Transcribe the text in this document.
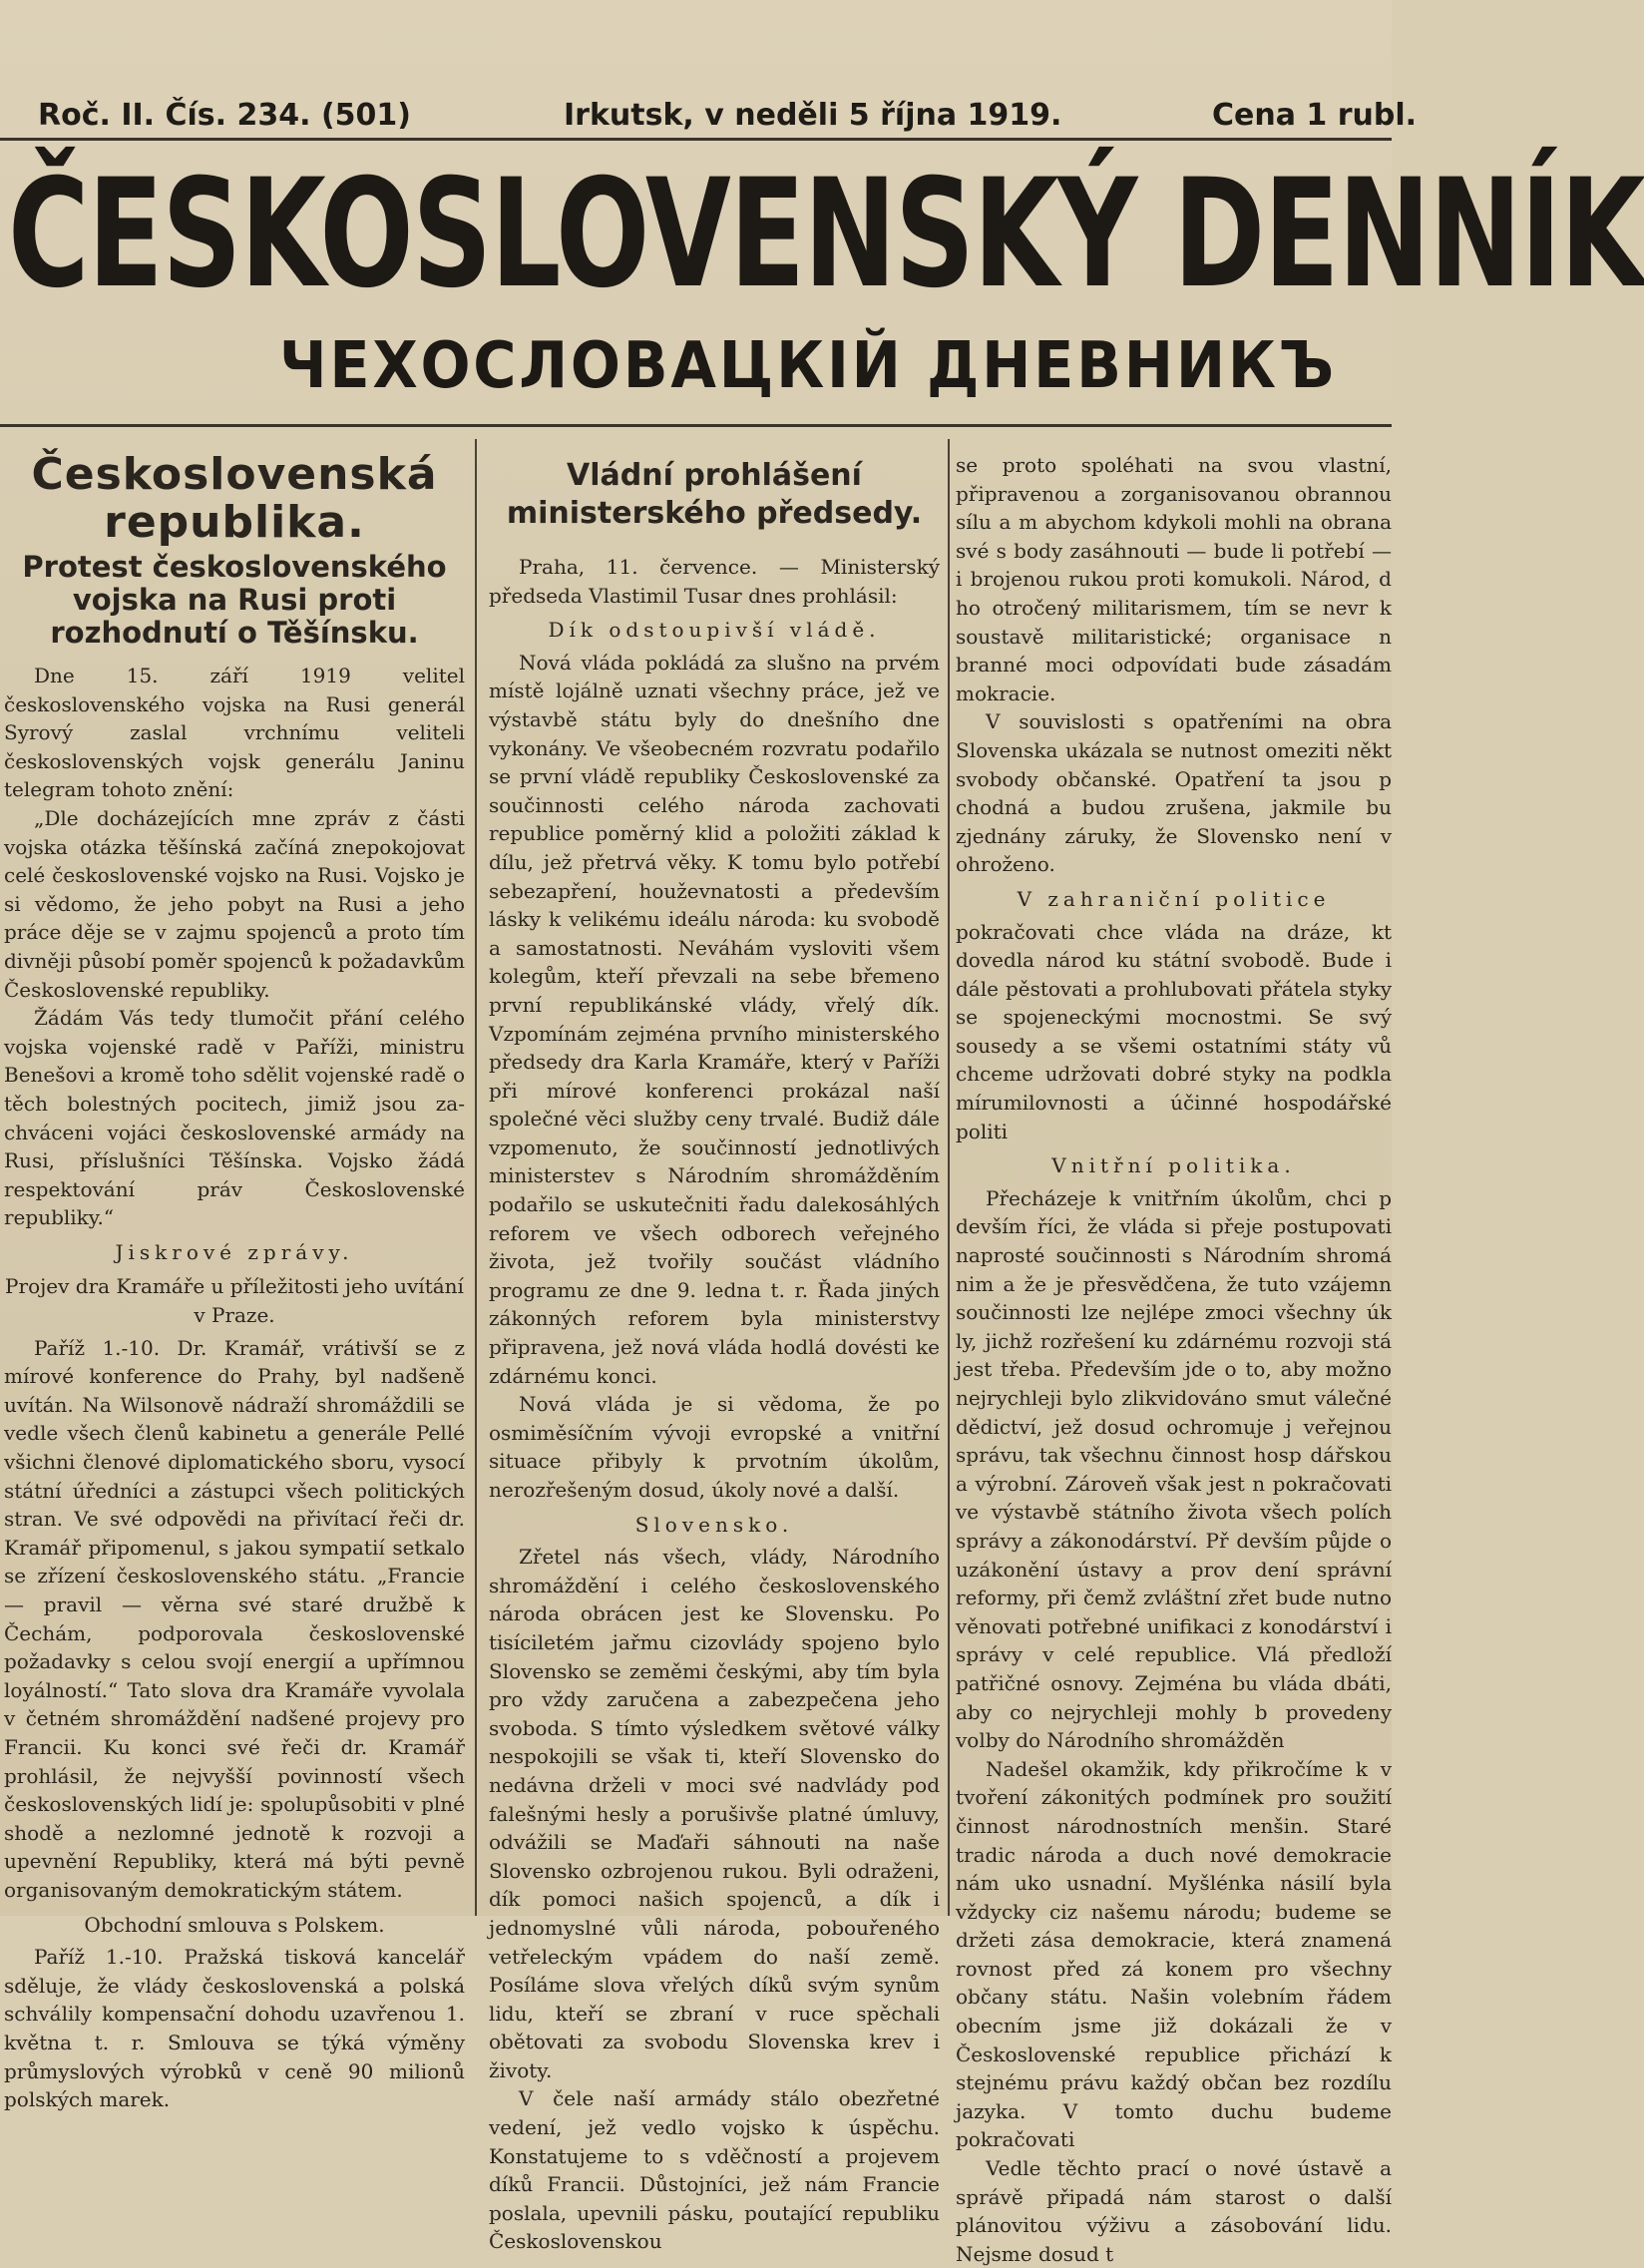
Roč. II. Čís. 234. (501)	Irkutsk, v neděli 5 října 1919.	Cena 1 rubl.
ČESKOSLOVENSKÝ DENNÍK
ЧЕХОСЛОВАЦКІЙ ДНЕВНИКЪ
Československá republika.
Protest československého vojska na Rusi proti rozhodnutí o Těšínsku.

Dne 15. září 1919 velitel československého vojska na Rusi generál Syrový zaslal vrchnímu veliteli československých vojsk generálu Janinu telegram tohoto znění:

„Dle docházejících mne zpráv z části vojska otázka těšínská začíná znepokojovat celé československé vojsko na Rusi. Vojsko je si vědomo, že jeho pobyt na Rusi a jeho práce děje se v zajmu spojenců a proto tím divněji působí poměr spojenců k požadavkům Československé republiky.

Žádám Vás tedy tlumočit přání celého vojska vojenské radě v Paříži, ministru Benešovi a kromě toho sdělit vojenské radě o těch bolestných pocitech, jimiž jsou zachváceni vojáci československé armády na Rusi, příslušníci Těšínska. Vojsko žádá respektování práv Československé republiky.“

Jiskrové zprávy.
Projev dra Kramáře u příležitosti jeho uvítání v Praze.

Paříž 1.-10. Dr. Kramář, vrátivší se z mírové konference do Prahy, byl nadšeně uvítán. Na Wilsonově nádraží shromáždili se vedle všech členů kabinetu a generále Pellé všichni členové diplomatického sboru, vysocí státní úředníci a zástupci všech politických stran. Ve své odpovědi na přivítací řeči dr. Kramář připomenul, s jakou sympatií setkalo se zřízení československého státu. „Francie — pravil — věrna své staré družbě k Čechám, podporovala československé požadavky s celou svojí energií a upřímnou loyálností.“ Tato slova dra Kramáře vyvolala v četném shromáždění nadšené projevy pro Francii. Ku konci své řeči dr. Kramář prohlásil, že nejvyšší povinností všech československých lidí je: spolupůsobiti v plné shodě a nezlomné jednotě k rozvoji a upevnění Republiky, která má býti pevně organisovaným demokratickým státem.

Obchodní smlouva s Polskem.

Paříž 1.-10. Pražská tisková kancelář sděluje, že vlády československá a polská schválily kompensační dohodu uzavřenou 1. května t. r. Smlouva se týká výměny průmyslových výrobků v ceně 90 milionů polských marek.

Vládní prohlášení ministerského předsedy.

Praha, 11. července. — Ministerský předseda Vlastimil Tusar dnes prohlásil:

Dík odstoupivší vládě.

Nová vláda pokládá za slušno na prvém místě lojálně uznati všechny práce, jež ve výstavbě státu byly do dnešního dne vykonány. Ve všeobecném rozvratu podařilo se první vládě republiky Československé za součinnosti celého národa zachovati republice poměrný klid a položiti základ k dílu, jež přetrvá věky. K tomu bylo potřebí sebezapření, houževnatosti a především lásky k velikému ideálu národa: ku svobodě a samostatnosti. Neváhám vysloviti všem kolegům, kteří převzali na sebe břemeno první republikánské vlády, vřelý dík. Vzpomínám zejména prvního ministerského předsedy dra Karla Kramáře, který v Paříži při mírové konferenci prokázal naší společné věci služby ceny trvalé. Budiž dále vzpomenuto, že součinností jednotlivých ministerstev s Národním shromážděním podařilo se uskutečniti řadu dalekosáhlých reforem ve všech odborech veřejného života, jež tvořily součást vládního programu ze dne 9. ledna t. r. Řada jiných zákonných reforem byla ministerstvy připravena, jež nová vláda hodlá dovésti ke zdárnému konci.

Nová vláda je si vědoma, že po osmiměsíčním vývoji evropské a vnitřní situace přibyly k prvotním úkolům, nerozřešeným dosud, úkoly nové a další.

Slovensko.

Zřetel nás všech, vlády, Národního shromáždění i celého československého národa obrácen jest ke Slovensku. Po tisíciletém jařmu cizovlády spojeno bylo Slovensko se zeměmi českými, aby tím byla pro vždy zaručena a zabezpečena jeho svoboda. S tímto výsledkem světové války nespokojili se však ti, kteří Slovensko do nedávna drželi v moci své nadvlády pod falešnými hesly a porušivše platné úmluvy, odvážili se Maďaři sáhnouti na naše Slovensko ozbrojenou rukou. Byli odraženi, dík pomoci našich spojenců, a dík i jednomyslné vůli národa, pobouřeného vetřeleckým vpádem do naší země. Posíláme slova vřelých díků svým synům lidu, kteří se zbraní v ruce spěchali obětovati za svobodu Slovenska krev i životy.

V čele naší armády stálo obezřetné vedení, jež vedlo vojsko k úspěchu. Konstatujeme to s vděčností a projevem díků Francii. Důstojníci, jež nám Francie poslala, upevnili pásku, poutající republiku Československou

se proto spoléhati na svou vlastní, připravenou a zorganisovanou obrannou sílu a m abychom kdykoli mohli na obrana své s body zasáhnouti — bude li potřebí — i brojenou rukou proti komukoli. Národ, d ho otročený militarismem, tím se nevr k soustavě militaristické; organisace n branné moci odpovídati bude zásadám mokracie.

V souvislosti s opatřeními na obra Slovenska ukázala se nutnost omeziti někt svobody občanské. Opatření ta jsou p chodná a budou zrušena, jakmile bu zjednány záruky, že Slovensko není v ohroženo.

V zahraniční politice

pokračovati chce vláda na dráze, kt dovedla národ ku státní svobodě. Bude i dále pěstovati a prohlubovati přátela styky se spojeneckými mocnostmi. Se svý sousedy a se všemi ostatními státy vů chceme udržovati dobré styky na podkla mírumilovnosti a účinné hospodářské politi

Vnitřní politika.

Přecházeje k vnitřním úkolům, chci p devším říci, že vláda si přeje postupovati naprosté součinnosti s Národním shromá nim a že je přesvědčena, že tuto vzájemn součinnosti lze nejlépe zmoci všechny úk ly, jichž rozřešení ku zdárnému rozvoji stá jest třeba. Především jde o to, aby možno nejrychleji bylo zlikvidováno smut válečné dědictví, jež dosud ochromuje j veřejnou správu, tak všechnu činnost hosp dářskou a výrobní. Zároveň však jest n pokračovati ve výstavbě státního života všech polích správy a zákonodárství. Př devším půjde o uzákonění ústavy a prov dení správní reformy, při čemž zvláštní zřet bude nutno věnovati potřebné unifikaci z konodárství i správy v celé republice. Vlá předloží patřičné osnovy. Zejména bu vláda dbáti, aby co nejrychleji mohly b provedeny volby do Národního shromážděn

Nadešel okamžik, kdy přikročíme k v tvoření zákonitých podmínek pro soužití činnost národnostních menšin. Staré tradic národa a duch nové demokracie nám uko usnadní. Myšlénka násilí byla vždycky ciz našemu národu; budeme se držeti zása demokracie, která znamená rovnost před zá konem pro všechny občany státu. Našin volebním řádem obecním jsme již dokázali že v Československé republice přichází k stejnému právu každý občan bez rozdílu jazyka. V tomto duchu budeme pokračovati

Vedle těchto prací o nové ústavě a správě připadá nám starost o další plánovitou výživu a zásobování lidu. Nejsme dosud t
